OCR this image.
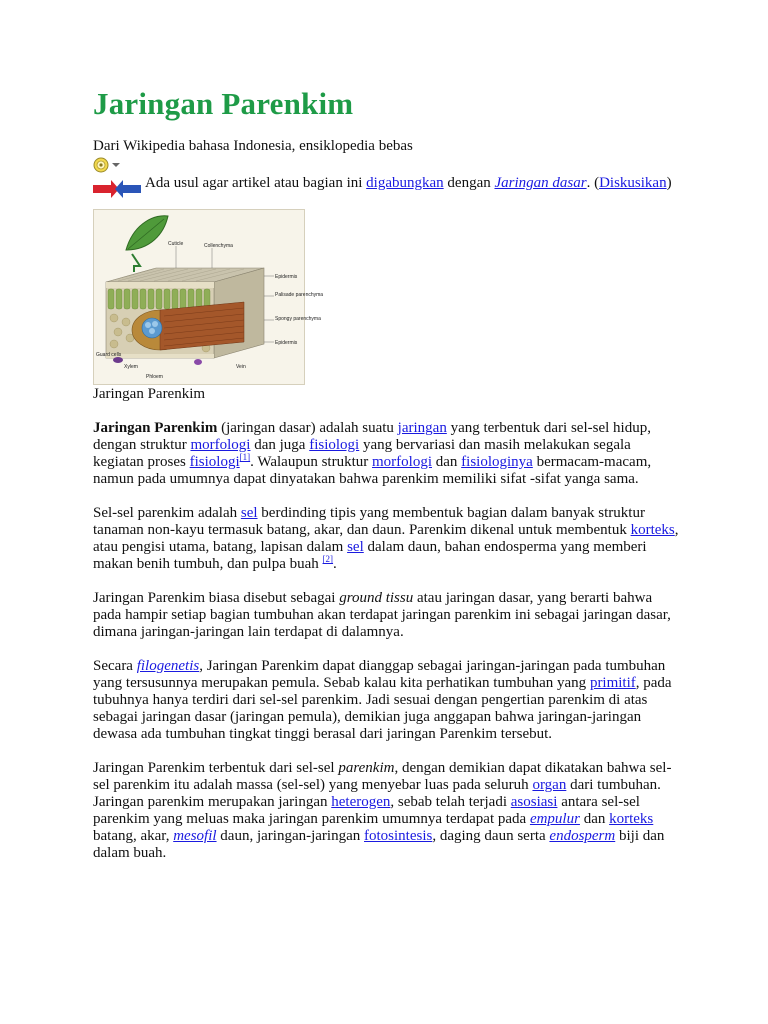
Jaringan Parenkim
Dari Wikipedia bahasa Indonesia, ensiklopedia bebas
Ada usul agar artikel atau bagian ini digabungkan dengan Jaringan dasar. (Diskusikan)
Cuticle	Collenchyma
Epidermis
Palisade parenchyma
Spongy parenchyma
Epidermis
Guard cells
Xylem
Phloem
Vein
Jaringan Parenkim

Jaringan Parenkim (jaringan dasar) adalah suatu jaringan yang terbentuk dari sel-sel hidup, dengan struktur morfologi dan juga fisiologi yang bervariasi dan masih melakukan segala kegiatan proses fisiologi[1]. Walaupun struktur morfologi dan fisiologinya bermacam-macam, namun pada umumnya dapat dinyatakan bahwa parenkim memiliki sifat -sifat yanga sama.

Sel-sel parenkim adalah sel berdinding tipis yang membentuk bagian dalam banyak struktur tanaman non-kayu termasuk batang, akar, dan daun. Parenkim dikenal untuk membentuk korteks, atau pengisi utama, batang, lapisan dalam sel dalam daun, bahan endosperma yang memberi makan benih tumbuh, dan pulpa buah [2].

Jaringan Parenkim biasa disebut sebagai ground tissu atau jaringan dasar, yang berarti bahwa pada hampir setiap bagian tumbuhan akan terdapat jaringan parenkim ini sebagai jaringan dasar, dimana jaringan-jaringan lain terdapat di dalamnya.

Secara filogenetis, Jaringan Parenkim dapat dianggap sebagai jaringan-jaringan pada tumbuhan yang tersusunnya merupakan pemula. Sebab kalau kita perhatikan tumbuhan yang primitif, pada tubuhnya hanya terdiri dari sel-sel parenkim. Jadi sesuai dengan pengertian parenkim di atas sebagai jaringan dasar (jaringan pemula), demikian juga anggapan bahwa jaringan-jaringan dewasa ada tumbuhan tingkat tinggi berasal dari jaringan Parenkim tersebut.

Jaringan Parenkim terbentuk dari sel-sel parenkim, dengan demikian dapat dikatakan bahwa sel-sel parenkim itu adalah massa (sel-sel) yang menyebar luas pada seluruh organ dari tumbuhan. Jaringan parenkim merupakan jaringan heterogen, sebab telah terjadi asosiasi antara sel-sel parenkim yang meluas maka jaringan parenkim umumnya terdapat pada empulur dan korteks batang, akar, mesofil daun, jaringan-jaringan fotosintesis, daging daun serta endosperm biji dan dalam buah.
